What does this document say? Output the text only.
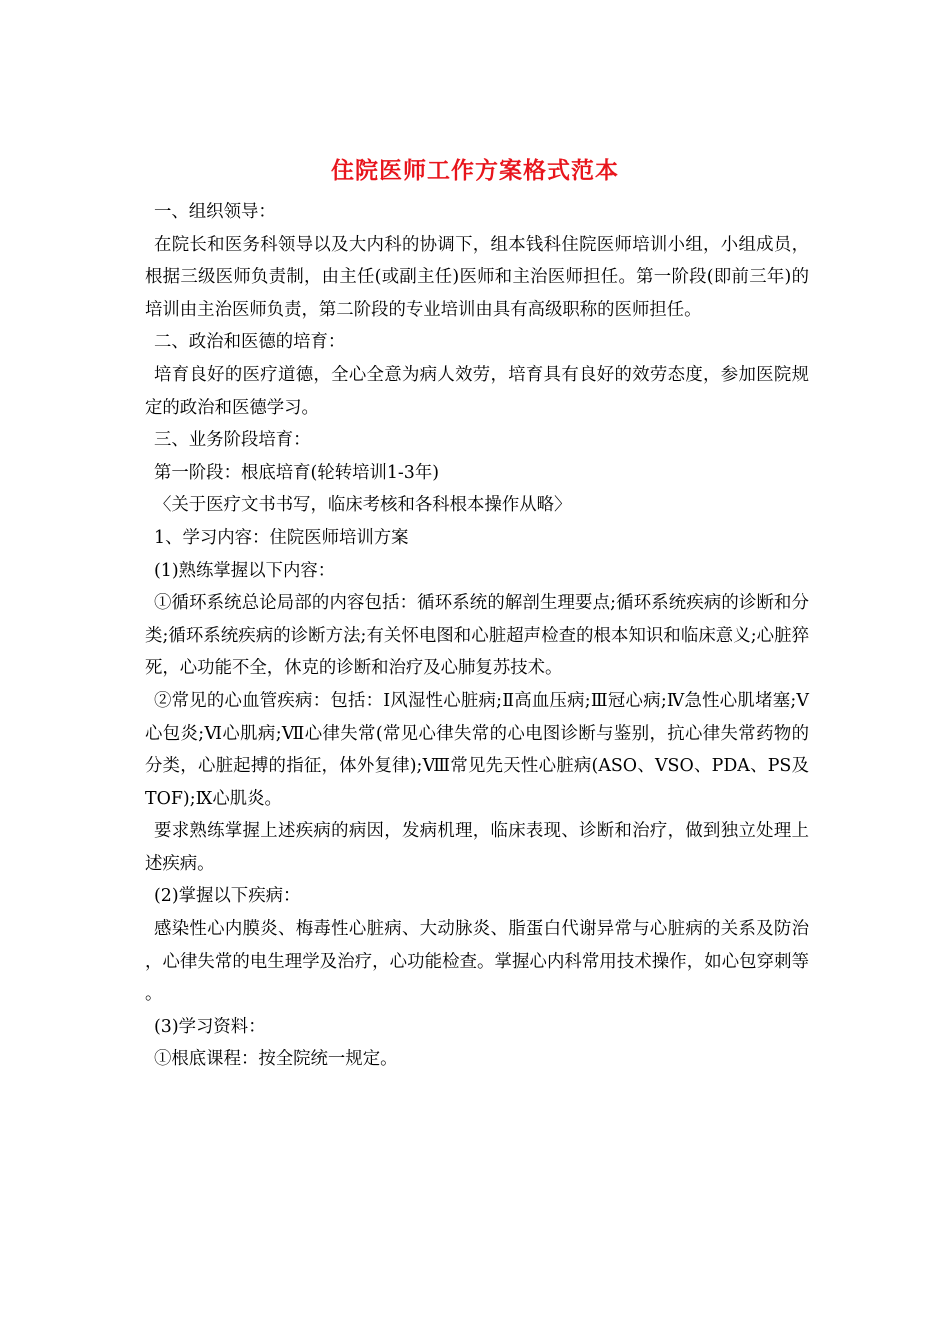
住院医师工作方案格式范本

一、组织领导：

在院长和医务科领导以及大内科的协调下，组本钱科住院医师培训小组，小组成员，根据三级医师负责制，由主任(或副主任)医师和主治医师担任。第一阶段(即前三年)的培训由主治医师负责，第二阶段的专业培训由具有高级职称的医师担任。

二、政治和医德的培育：

培育良好的医疗道德，全心全意为病人效劳，培育具有良好的效劳态度，参加医院规定的政治和医德学习。

三、业务阶段培育：

第一阶段：根底培育(轮转培训1-3年)

〈关于医疗文书书写，临床考核和各科根本操作从略〉

1、学习内容：住院医师培训方案

(1)熟练掌握以下内容：

①循环系统总论局部的内容包括：循环系统的解剖生理要点;循环系统疾病的诊断和分类;循环系统疾病的诊断方法;有关怀电图和心脏超声检查的根本知识和临床意义;心脏猝死，心功能不全，休克的诊断和治疗及心肺复苏技术。

②常见的心血管疾病：包括：Ⅰ风湿性心脏病;Ⅱ高血压病;Ⅲ冠心病;Ⅳ急性心肌堵塞;Ⅴ心包炎;Ⅵ心肌病;Ⅶ心律失常(常见心律失常的心电图诊断与鉴别，抗心律失常药物的分类，心脏起搏的指征，体外复律);Ⅷ常见先天性心脏病(ASO、VSO、PDA、PS及TOF);Ⅸ心肌炎。

要求熟练掌握上述疾病的病因，发病机理，临床表现、诊断和治疗，做到独立处理上述疾病。

(2)掌握以下疾病：

感染性心内膜炎、梅毒性心脏病、大动脉炎、脂蛋白代谢异常与心脏病的关系及防治，心律失常的电生理学及治疗，心功能检查。掌握心内科常用技术操作，如心包穿刺等。

(3)学习资料：

①根底课程：按全院统一规定。
